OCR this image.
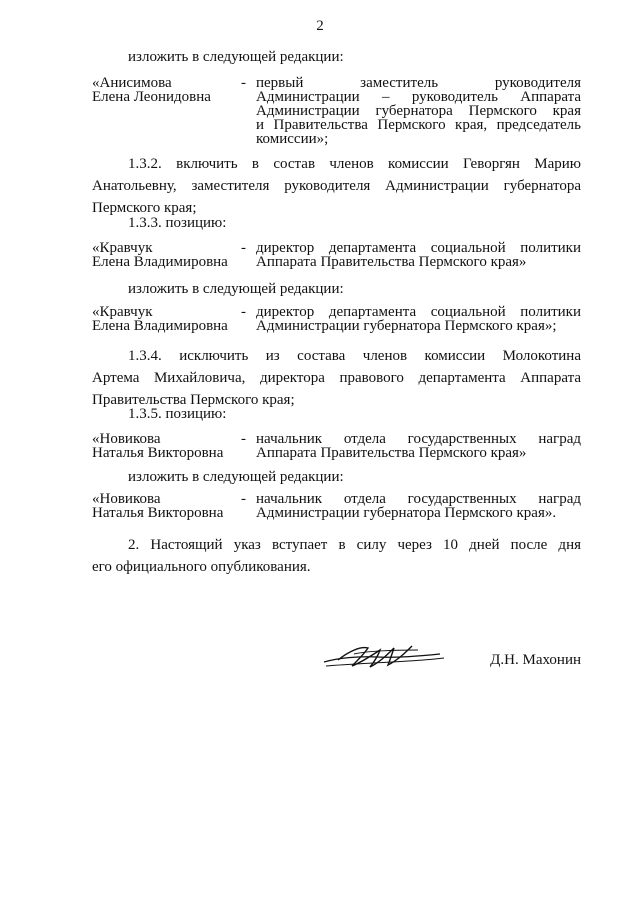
2
изложить в следующей редакции:
«Анисимова
Елена Леонидовна
- первый заместитель руководителя
Администрации – руководитель Аппарата
Администрации губернатора Пермского края
и Правительства Пермского края, председатель
комиссии»;
1.3.2. включить в состав членов комиссии Геворгян Марию
Анатольевну, заместителя руководителя Администрации губернатора
Пермского края;
1.3.3. позицию:
«Кравчук
Елена Владимировна
- директор департамента социальной политики
Аппарата Правительства Пермского края»
изложить в следующей редакции:
«Кравчук
Елена Владимировна
- директор департамента социальной политики
Администрации губернатора Пермского края»;
1.3.4. исключить из состава членов комиссии Молокотина
Артема Михайловича, директора правового департамента Аппарата
Правительства Пермского края;
1.3.5. позицию:
«Новикова
Наталья Викторовна
- начальник отдела государственных наград
Аппарата Правительства Пермского края»
изложить в следующей редакции:
«Новикова
Наталья Викторовна
- начальник отдела государственных наград
Администрации губернатора Пермского края».
2. Настоящий указ вступает в силу через 10 дней после дня
его официального опубликования.
Д.Н. Махонин
